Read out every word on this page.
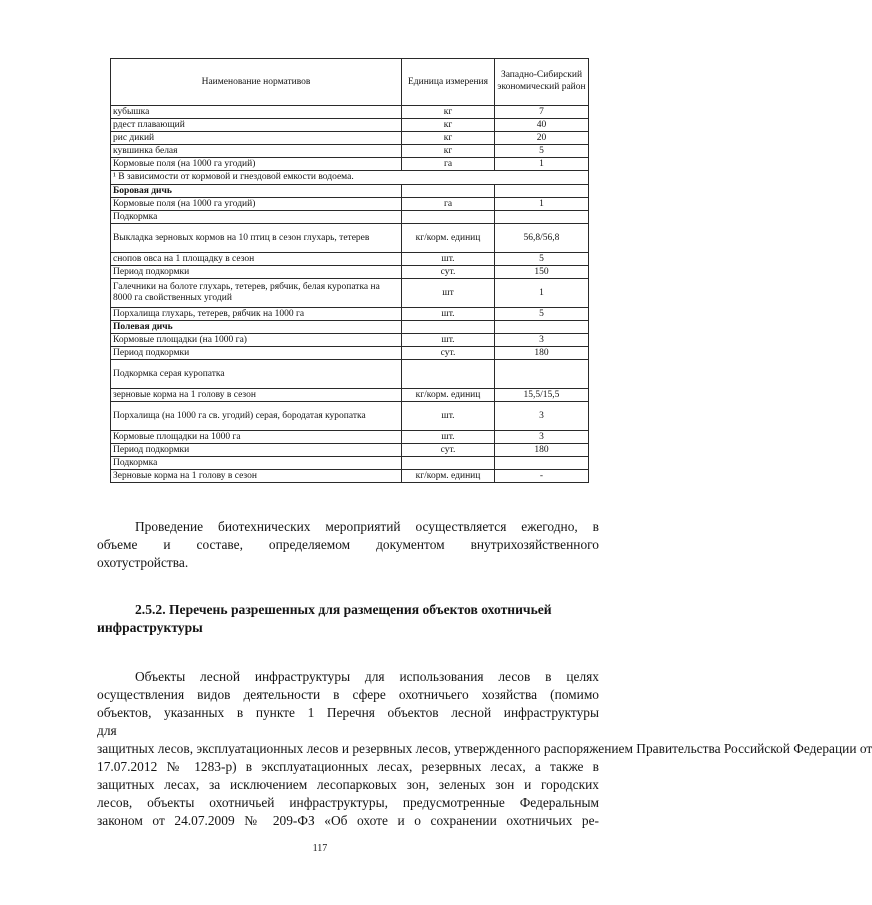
Наименование нормативов	Единица измерения	Западно-Сибирский экономический район
кубышка	кг	7
рдест плавающий	кг	40
рис дикий	кг	20
кувшинка белая	кг	5
Кормовые поля (на 1000 га угодий)	га	1
¹ В зависимости от кормовой и гнездовой емкости водоема.		
Боровая дичь		
Кормовые поля (на 1000 га угодий)	га	1
Подкормка		
Выкладка зерновых кормов на 10 птиц в сезон глухарь, тетерев	кг/корм. единиц	56,8/56,8
снопов овса на 1 площадку в сезон	шт.	5
Период подкормки	сут.	150
Галечники на болоте глухарь, тетерев, рябчик, белая куропатка на 8000 га свойственных угодий	шт	1
Порхалища глухарь, тетерев, рябчик на 1000 га	шт.	5
Полевая дичь		
Кормовые площадки (на 1000 га)	шт.	3
Период подкормки	сут.	180
Подкормка серая куропатка		
зерновые корма на 1 голову в сезон	кг/корм. единиц	15,5/15,5
Порхалища (на 1000 га св. угодий) серая, бородатая куропатка	шт.	3
Кормовые площадки на 1000 га	шт.	3
Период подкормки	сут.	180
Подкормка		
Зерновые корма на 1 голову в сезон	кг/корм. единиц	-
Проведение биотехнических мероприятий осуществляется ежегодно, в
объеме и составе, определяемом документом внутрихозяйственного
охотустройства.
2.5.2. Перечень разрешенных для размещения объектов охотничьей
инфраструктуры
Объекты лесной инфраструктуры для использования лесов в целях
осуществления видов деятельности в сфере охотничьего хозяйства (помимо
объектов, указанных в пункте 1 Перечня объектов лесной инфраструктуры
для
защитных лесов, эксплуатационных лесов и резервных лесов, утвержденного распоряжением Правительства Российской Федерации от
17.07.2012 № 1283-р) в эксплуатационных лесах, резервных лесах, а также в
защитных лесах, за исключением лесопарковых зон, зеленых зон и городских
лесов, объекты охотничьей инфраструктуры, предусмотренные Федеральным
законом от 24.07.2009 № 209-ФЗ «Об охоте и о сохранении охотничьих ре-
117
